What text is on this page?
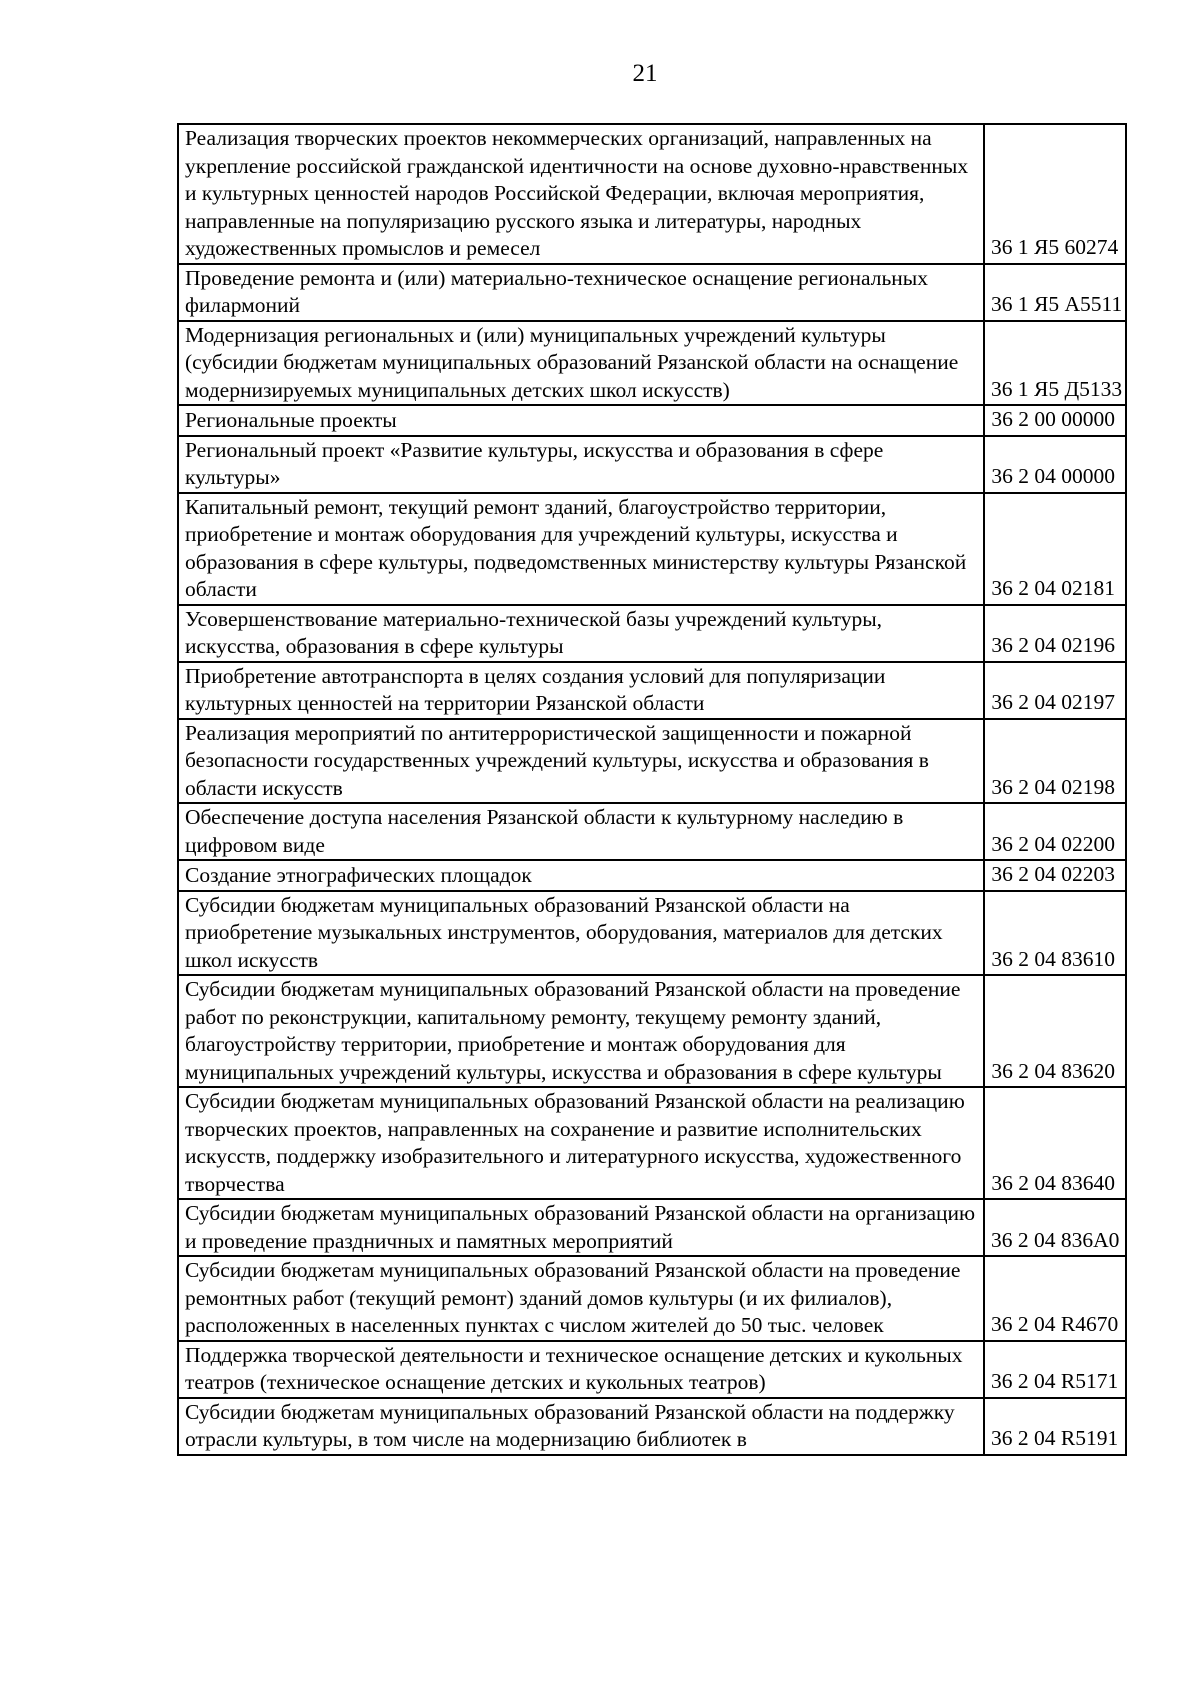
21
Реализация творческих проектов некоммерческих организаций, направленных на укрепление российской гражданской идентичности на основе духовно-нравственных и культурных ценностей народов Российской Федерации, включая мероприятия, направленные на популяризацию русского языка и литературы, народных художественных промыслов и ремесел	36 1 Я5 60274

Проведение ремонта и (или) материально-техническое оснащение региональных филармоний	36 1 Я5 А5511

Модернизация региональных и (или) муниципальных учреждений культуры (субсидии бюджетам муниципальных образований Рязанской области на оснащение модернизируемых муниципальных детских школ искусств)	36 1 Я5 Д5133

Региональные проекты	36 2 00 00000

Региональный проект «Развитие культуры, искусства и образования в сфере культуры»	36 2 04 00000

Капитальный ремонт, текущий ремонт зданий, благоустройство территории, приобретение и монтаж оборудования для учреждений культуры, искусства и образования в сфере культуры, подведомственных министерству культуры Рязанской области	36 2 04 02181

Усовершенствование материально-технической базы учреждений культуры, искусства, образования в сфере культуры	36 2 04 02196

Приобретение автотранспорта в целях создания условий для популяризации культурных ценностей на территории Рязанской области	36 2 04 02197

Реализация мероприятий по антитеррористической защищенности и пожарной безопасности государственных учреждений культуры, искусства и образования в области искусств	36 2 04 02198

Обеспечение доступа населения Рязанской области к культурному наследию в цифровом виде	36 2 04 02200

Создание этнографических площадок	36 2 04 02203

Субсидии бюджетам муниципальных образований Рязанской области на приобретение музыкальных инструментов, оборудования, материалов для детских школ искусств	36 2 04 83610

Субсидии бюджетам муниципальных образований Рязанской области на проведение работ по реконструкции, капитальному ремонту, текущему ремонту зданий, благоустройству территории, приобретение и монтаж оборудования для муниципальных учреждений культуры, искусства и образования в сфере культуры	36 2 04 83620

Субсидии бюджетам муниципальных образований Рязанской области на реализацию творческих проектов, направленных на сохранение и развитие исполнительских искусств, поддержку изобразительного и литературного искусства, художественного творчества	36 2 04 83640

Субсидии бюджетам муниципальных образований Рязанской области на организацию и проведение праздничных и памятных мероприятий	36 2 04 836А0

Субсидии бюджетам муниципальных образований Рязанской области на проведение ремонтных работ (текущий ремонт) зданий домов культуры (и их филиалов), расположенных в населенных пунктах с числом жителей до 50 тыс. человек	36 2 04 R4670

Поддержка творческой деятельности и техническое оснащение детских и кукольных театров (техническое оснащение детских и кукольных театров)	36 2 04 R5171

Субсидии бюджетам муниципальных образований Рязанской области на поддержку отрасли культуры, в том числе на модернизацию библиотек в	36 2 04 R5191
